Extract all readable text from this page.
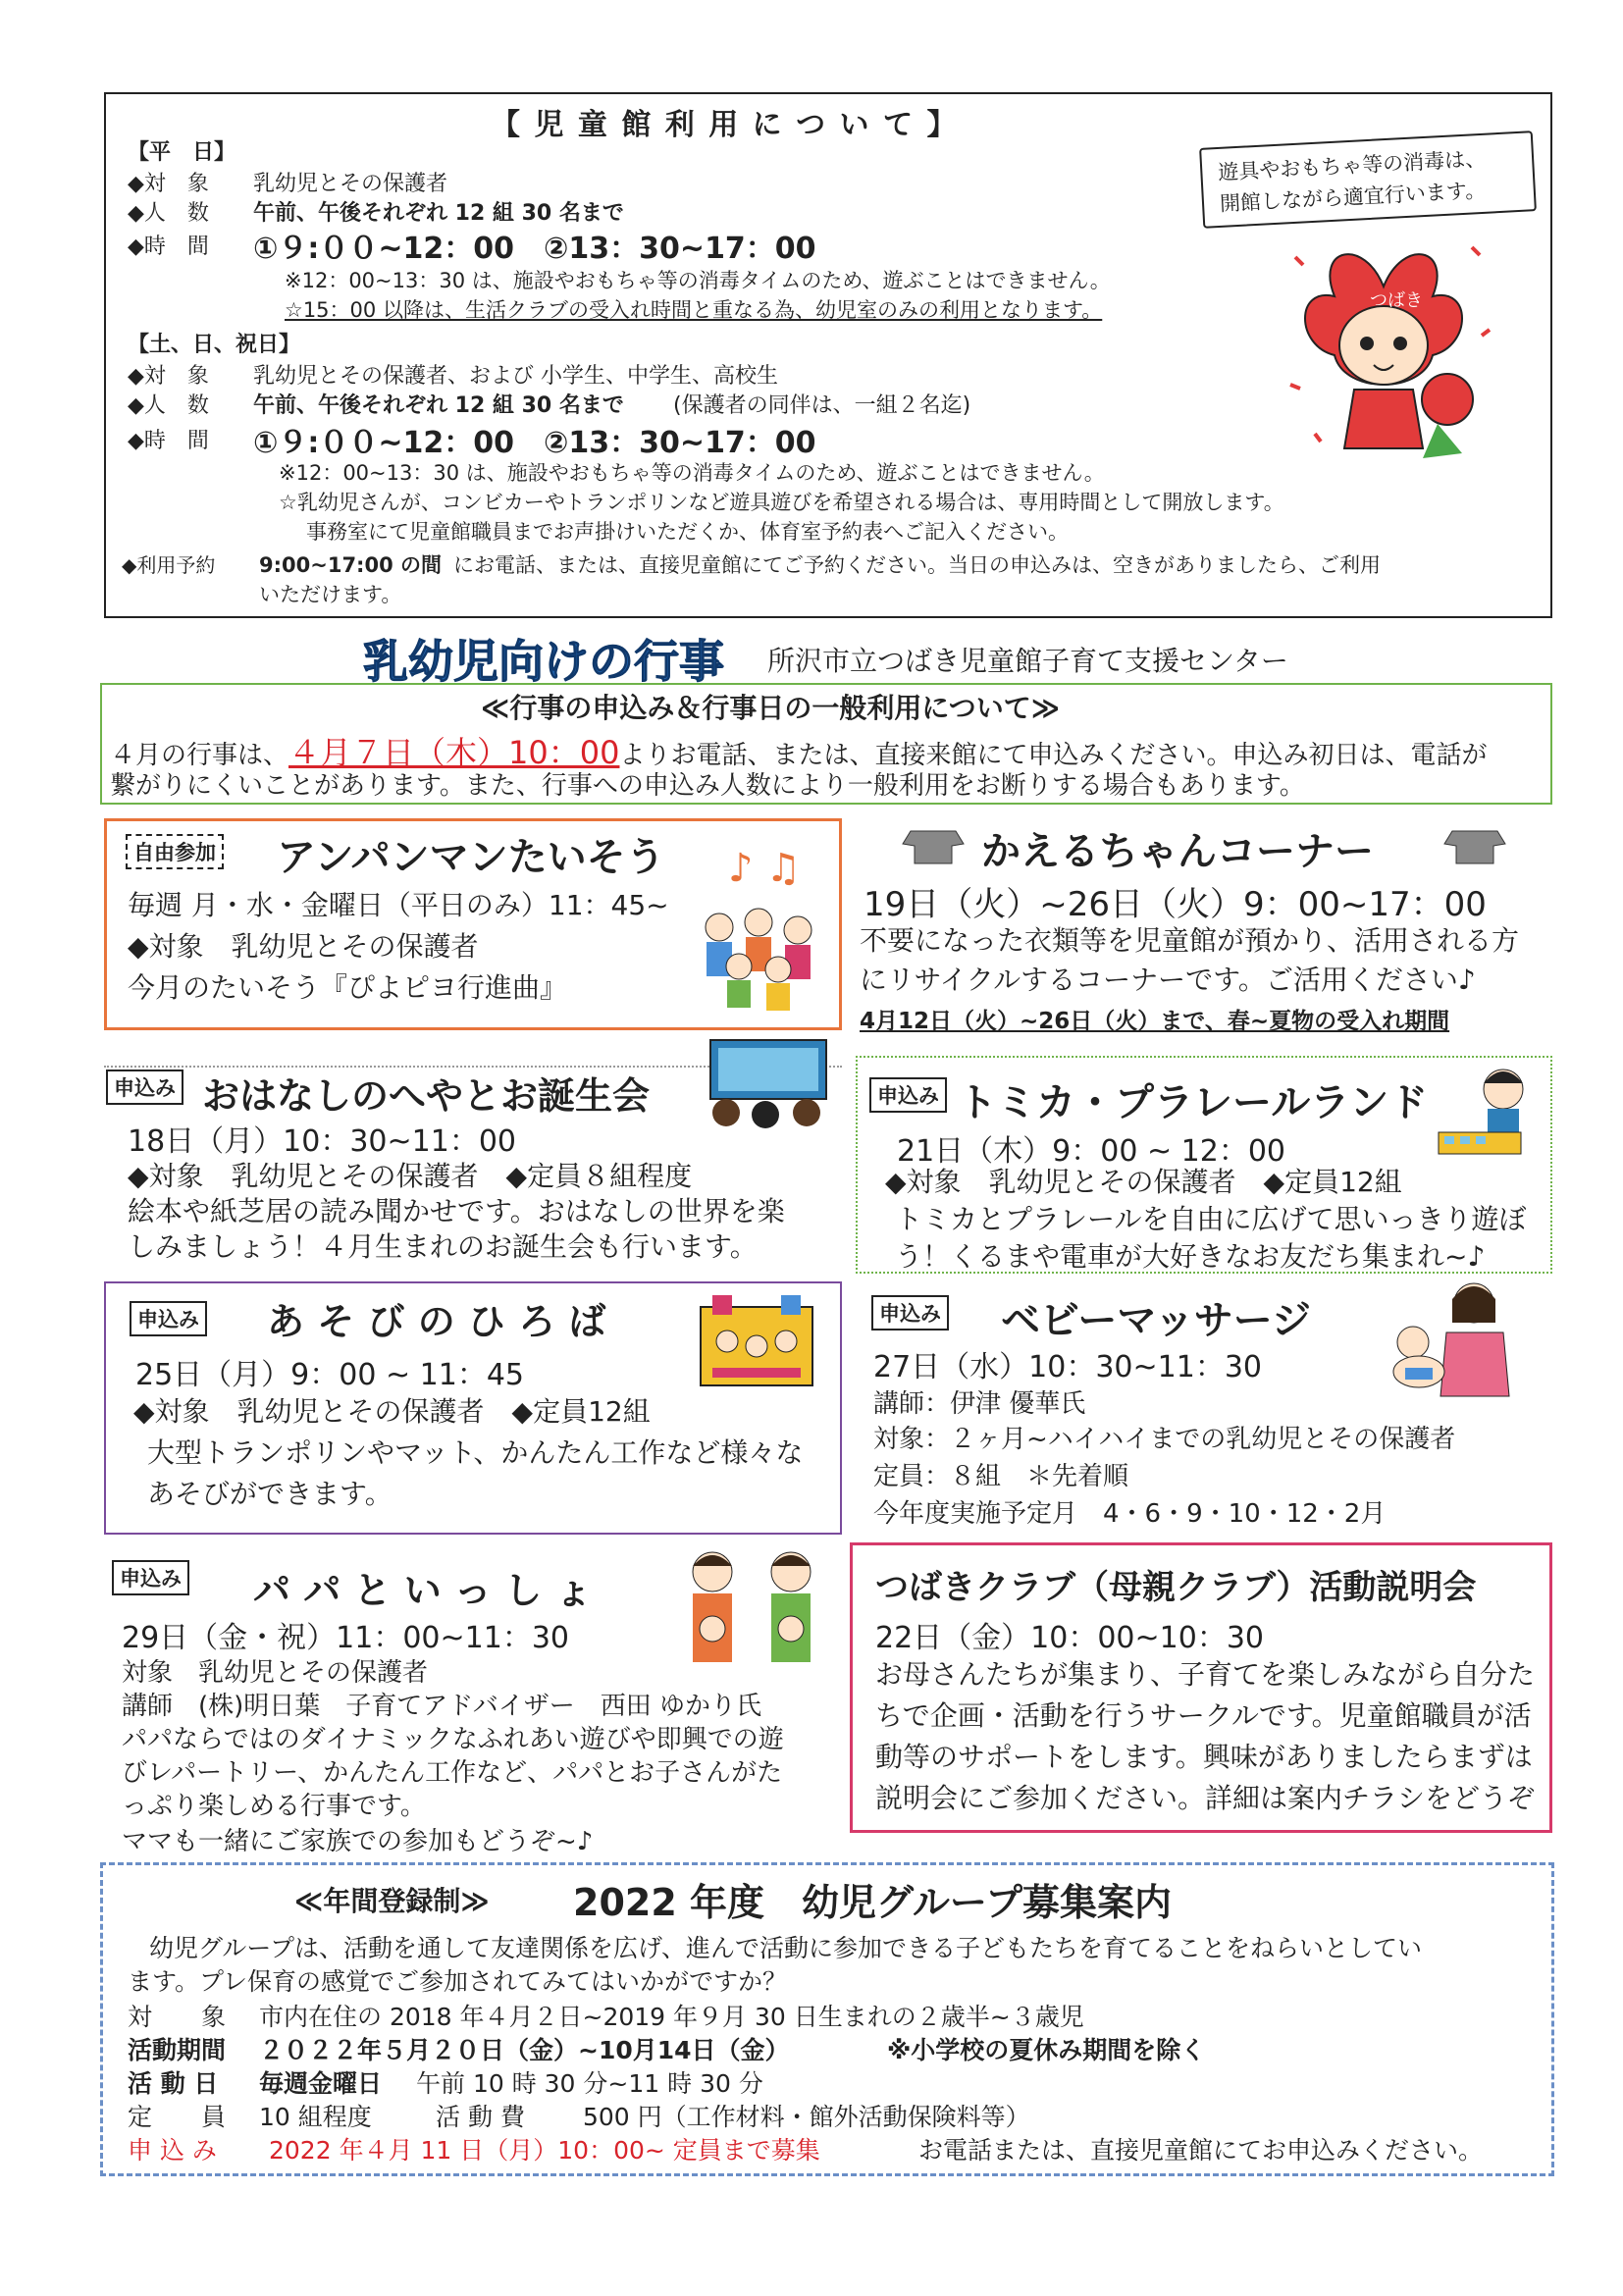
【 児 童 館 利 用 に つ い て 】
遊具やおもちゃ等の消毒は、
開館しながら適宜行います。
つばき
【平　日】
◆対　象 乳幼児とその保護者
◆人　数 午前、午後それぞれ 12 組 30 名まで
◆時　間 ①９:００~12：00　②13：30~17：00
※12：00~13：30 は、施設やおもちゃ等の消毒タイムのため、遊ぶことはできません。
☆15：00 以降は、生活クラブの受入れ時間と重なる為、幼児室のみの利用となります。
【土、日、祝日】
◆対　象 乳幼児とその保護者、および 小学生、中学生、高校生
◆人　数 午前、午後それぞれ 12 組 30 名まで (保護者の同伴は、一組２名迄)
◆時　間 ①９:００~12：00　②13：30~17：00
※12：00~13：30 は、施設やおもちゃ等の消毒タイムのため、遊ぶことはできません。
☆乳幼児さんが、コンビカーやトランポリンなど遊具遊びを希望される場合は、専用時間として開放します。
事務室にて児童館職員までお声掛けいただくか、体育室予約表へご記入ください。
◆利用予約 9:00~17:00 の間 にお電話、または、直接児童館にてご予約ください。当日の申込みは、空きがありましたら、ご利用
いただけます。
乳幼児向けの行事 所沢市立つばき児童館子育て支援センター
≪行事の申込み＆行事日の一般利用について≫
４月の行事は、４月７日（木）10：00よりお電話、または、直接来館にて申込みください。申込み初日は、電話が
繋がりにくいことがあります。また、行事への申込み人数により一般利用をお断りする場合もあります。
自由参加 アンパンマンたいそう
毎週 月・水・金曜日（平日のみ）11：45~
◆対象　乳幼児とその保護者
今月のたいそう『ぴよピヨ行進曲』
♪ ♫	かえるちゃんコーナー
19日（火）~26日（火）9：00~17：00
不要になった衣類等を児童館が預かり、活用される方
にリサイクルするコーナーです。ご活用ください♪
4月12日（火）~26日（火）まで、春~夏物の受入れ期間
申込み おはなしのへやとお誕生会
18日（月）10：30~11：00
◆対象　乳幼児とその保護者　◆定員８組程度
絵本や紙芝居の読み聞かせです。おはなしの世界を楽
しみましょう！４月生まれのお誕生会も行います。
申込み トミカ・プラレールランド
21日（木）9：00 ~ 12：00
◆対象　乳幼児とその保護者　◆定員12組
トミカとプラレールを自由に広げて思いっきり遊ぼ
う！くるまや電車が大好きなお友だち集まれ~♪
申込み あ そ び の ひ ろ ば
25日（月）9：00 ~ 11：45
◆対象　乳幼児とその保護者　◆定員12組
大型トランポリンやマット、かんたん工作など様々な
あそびができます。
申込み ベビーマッサージ
27日（水）10：30~11：30
講師：伊津 優華氏
対象：２ヶ月~ハイハイまでの乳幼児とその保護者
定員：８組　＊先着順
今年度実施予定月　4・6・9・10・12・2月
申込み パ パ と い っ し ょ
29日（金・祝）11：00~11：30
対象　乳幼児とその保護者
講師　(株)明日葉　子育てアドバイザー　西田 ゆかり氏
パパならではのダイナミックなふれあい遊びや即興での遊
びレパートリー、かんたん工作など、パパとお子さんがた
っぷり楽しめる行事です。
ママも一緒にご家族での参加もどうぞ~♪
つばきクラブ（母親クラブ）活動説明会
22日（金）10：00~10：30
お母さんたちが集まり、子育てを楽しみながら自分た
ちで企画・活動を行うサークルです。児童館職員が活
動等のサポートをします。興味がありましたらまずは
説明会にご参加ください。詳細は案内チラシをどうぞ
≪年間登録制≫ 2022 年度　幼児グループ募集案内
幼児グループは、活動を通して友達関係を広げ、進んで活動に参加できる子どもたちを育てることをねらいとしてい
ます。プレ保育の感覚でご参加されてみてはいかがですか？
対　　象 市内在住の 2018 年４月２日~2019 年９月 30 日生まれの２歳半~３歳児
活動期間 ２０２２年５月２０日（金）~10月14日（金）	※小学校の夏休み期間を除く
活 動 日 毎週金曜日 午前 10 時 30 分~11 時 30 分
定　　員 10 組程度	活 動 費 500 円（工作材料・館外活動保険料等）
申 込 み 2022 年４月 11 日（月）10：00~ 定員まで募集	お電話または、直接児童館にてお申込みください。
